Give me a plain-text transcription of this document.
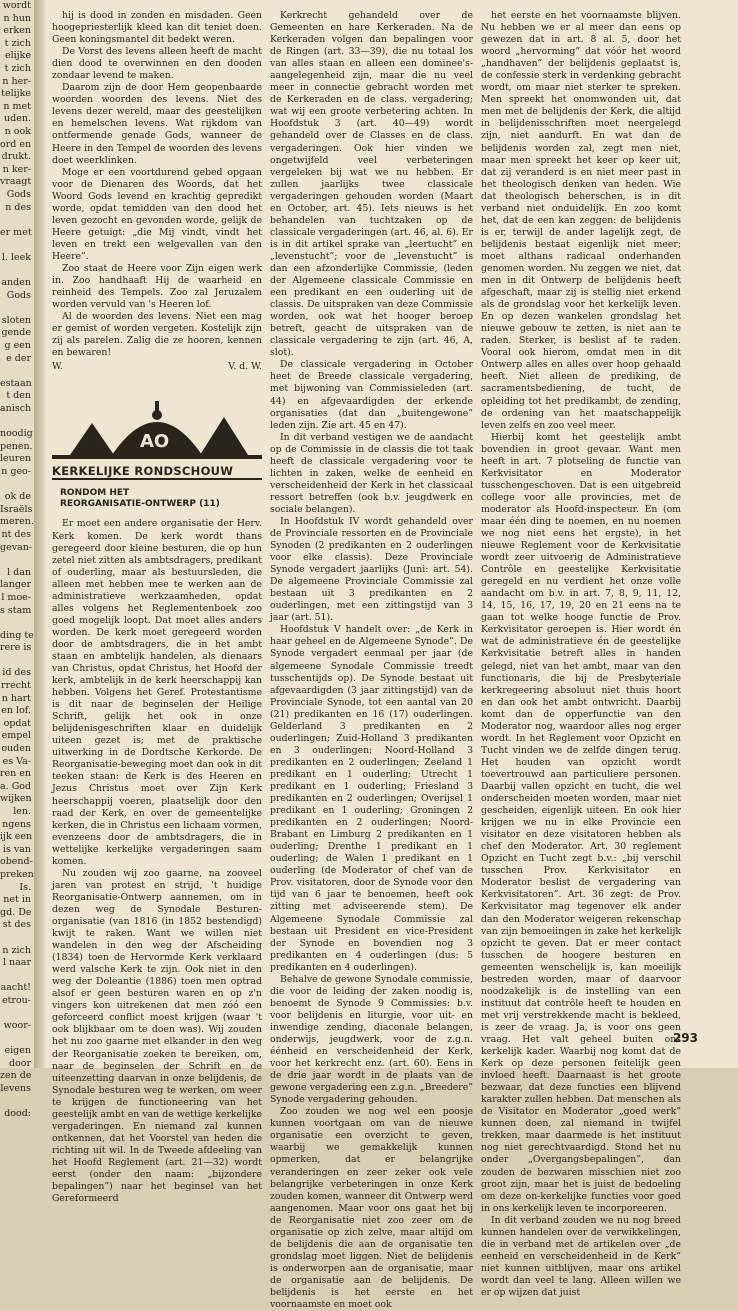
wordt
n hun
erken
t zich
elijke
t zich
n her-
telijke
n met
uden.
n ook
ord en
drukt.
n ker-
vraagt
Gods
n des

er met

l. leek

anden
Gods

sloten
gende
g een
e der

estaan
t den
anisch

noodig
penen.
leuren
n geo-

ok de
Israëls
meren.
nt des
gevan-

l dan
langer
l moe-
s stam

ding te
rere is

id des
rrecht
n hart
en lof.
opdat
empel
ouden
es Va-
ren en
a. God
wijken
len.
ngens
ijk een
is van
obend-
preken
Is.
net in
gd. De
st des

n zich
l naar

aacht!
etrou-

woor-

eigen
door
zen de
levens

dood:

hij is dood in zonden en misdaden. Geen hoogepriesterlijk kleed kan dit teniet doen. Geen koningsmantel dit bedekt weren.

De Vorst des levens alleen heeft de macht dien dood te overwinnen en den dooden zondaar levend te maken.

Daarom zijn de door Hem geopenbaarde woorden woorden des levens. Niet des levens dezer wereld, maar des geestelijken en hemelschen levens. Wat rijkdom van ontfermende genade Gods, wanneer de Heere in den Tempel de woorden des levens doet weerklinken.

Moge er een voortdurend gebed opgaan voor de Dienaren des Woords, dat het Woord Gods levend en krachtig gepredikt worde, opdat temidden van den dood het leven gezocht en gevonden worde, gelijk de Heere getuigt: „die Mij vindt, vindt het leven en trekt een welgevallen van den Heere”.

Zoo staat de Heere voor Zijn eigen werk in. Zoo handhaaft Hij de waarheid en reinheid des Tempels. Zoo zal Jeruzalem worden vervuld van 's Heeren lof.

Al de woorden des levens. Niet een mag er gemist of worden vergeten. Kostelijk zijn zij als parelen. Zalig die ze hooren, kennen en bewaren!

W.	V. d. W.
AO
KERKELIJKE RONDSCHOUW
RONDOM HET
REORGANISATIE-ONTWERP (11)

Er moet een andere organisatie der Herv. Kerk komen. De kerk wordt thans geregeerd door kleine besturen, die op hun zetel niet zitten als ambtsdragers, predikant of ouderling, maar als bestuursleden, die alleen met hebben mee te werken aan de administratieve werkzaamheden, opdat alles volgens het Reglementenboek zoo goed mogelijk loopt. Dat moet alles anders worden. De kerk moet geregeerd worden door de ambtsdragers, die in het ambt staan en ambtelijk handelen, als dienaars van Christus, opdat Christus, het Hoofd der kerk, ambtelijk in de kerk heerschappij kan hebben. Volgens het Geref. Protestantisme is dit naar de beginselen der Heilige Schrift, gelijk het ook in onze belijdenisgeschriften klaar en duidelijk uiteen gezet is; met de praktische uitwerking in de Dordtsche Kerkorde. De Reorganisatie-beweging moet dan ook in dit teeken staan: de Kerk is des Heeren en Jezus Christus moet over Zijn Kerk heerschappij voeren, plaatselijk door den raad der Kerk, en over de gemeentelijke kerken, die in Christus een lichaam vormen, evenzeens door de ambtsdragers, die in wettelijke kerkelijke vergaderingen saam komen.

Nu zouden wij zoo gaarne, na zooveel jaren van protest en strijd, 't huidige Reorganisatie-Ontwerp aannemen, om in dezen weg de Synodale Besturen-organisatie (van 1816 (in 1852 bestendigd) kwijt te raken. Want we willen niet wandelen in den weg der Afscheiding (1834) toen de Hervormde Kerk verklaard werd valsche Kerk te zijn. Ook niet in den weg der Doleantie (1886) toen men optrad alsof er geen besturen waren en op z'n vingers kon uitrekenen dat men zóó een geforceerd conflict moest krijgen (waar 't ook blijkbaar om te doen was). Wij zouden het nu zoo gaarne met elkander in den weg der Reorganisatie zoeken te bereiken, om, naar de beginselen der Schrift en de uiteenzetting daarvan in onze belijdenis, de Synodale besturen weg te werken, om weer te krijgen de functioneering van het geestelijk ambt en van de wettige kerkelijke vergaderingen. En niemand zal kunnen ontkennen, dat het Voorstel van heden die richting uit wil. In de Tweede afdeeling van het Hoofd Reglement (art. 21—32) wordt eerst (onder den naam: „bijzondere bepalingen”) naar het beginsel van het Gereformeerd

Kerkrecht gehandeld over de Gemeenten en hare Kerkeraden. Na de Kerkeraden volgen dan bepalingen voor de Ringen (art. 33—39), die nu totaal los van alles staan en alleen een dominee's-aangelegenheid zijn, maar die nu veel meer in connectie gebracht worden met de Kerkeraden en de class. vergadering; wat wij een groote verbetering achten. In Hoofdstuk 3 (art. 40—49) wordt gehandeld over de Classes en de class. vergaderingen. Ook hier vinden we ongetwijfeld veel verbeteringen vergeleken bij wat we nu hebben. Er zullen jaarlijks twee classicale vergaderingen gehouden worden (Maart en October, art. 45). Iets nieuws is het behandelen van tuchtzaken op de classicale vergaderingen (art. 46, al. 6). Er is in dit artikel sprake van „leertucht” en „levenstucht”; voor de „levenstucht” is dan een afzonderlijke Commissie, (leden der Algemeene classicale Commissie en een predikant en een ouderling uit de classis. De uitspraken van deze Commissie worden, ook wat het hooger beroep betreft, geacht de uitspraken van de classicale vergadering te zijn (art. 46, A, slot).

De classicale vergadering in October heet de Breede classicale vergadering, met bijwoning van Commissieleden (art. 44) en afgevaardigden der erkende organisaties (dat dan „buitengewone” leden zijn. Zie art. 45 en 47).

In dit verband vestigen we de aandacht op de Commissie in de classis die tot taak heeft de classicale vergadering voor te lichten in zaken, welke de eenheid en verscheidenheid der Kerk in het classicaal ressort betreffen (ook b.v. jeugdwerk en sociale belangen).

In Hoofdstuk IV wordt gehandeld over de Provinciale ressorten en de Provinciale Synoden (2 predikanten en 2 ouderlingen voor elke classis). Deze Provinciale Synode vergadert jaarlijks (Juni: art. 54). De algemeene Provinciale Commissie zal bestaan uit 3 predikanten en 2 ouderlingen, met een zittingstijd van 3 jaar (art. 51).

Hoofdstuk V handelt over: „de Kerk in haar geheel en de Algemeene Synode”. De Synode vergadert eenmaal per jaar (de algemeene Synodale Commissie treedt tusschentijds op). De Synode bestaat uit afgevaardigden (3 jaar zittingstijd) van de Provinciale Synode, tot een aantal van 20 (21) predikanten en 16 (17) ouderlingen. Gelderland 3 predikanten en 2 ouderlingen; Zuid-Holland 3 predikanten en 3 ouderlingen; Noord-Holland 3 predikanten en 2 ouderlingen; Zeeland 1 predikant en 1 ouderling; Utrecht 1 predikant en 1 ouderling; Friesland 3 predikanten en 2 ouderlingen; Overijsel 1 predikant en 1 ouderling; Groningen 2 predikanten en 2 ouderlingen; Noord-Brabant en Limburg 2 predikanten en 1 ouderling; Drenthe 1 predikant en 1 ouderling; de Walen 1 predikant en 1 ouderling (de Moderator of chef van de Prov. visitatoren, door de Synode voor den tijd van 6 jaar te benoemen, heeft ook zitting met adviseerende stem). De Algemeene Synodale Commissie zal bestaan uit President en vice-President der Synode en bovendien nog 3 predikanten en 4 ouderlingen (dus: 5 predikanten en 4 ouderlingen).

Behalve de gewone Synodale commissie, die voor de leiding der zaken noodig is, benoemt de Synode 9 Commissies: b.v. voor belijdenis en liturgie, voor uit- en inwendige zending, diaconale belangen, onderwijs, jeugdwerk, voor de z.g.n. éénheid en verscheidenheid der Kerk, voor het kerkrecht enz. (art. 60). Eens in de drie jaar wordt in de plaats van de gewone vergadering een z.g.n. „Breedere” Synode vergadering gehouden.

Zoo zouden we nog wel een poosje kunnen voortgaan om van de nieuwe organisatie een overzicht te geven, waarbij we gemakkelijk kunnen opmerken, dat er belangrijke veranderingen en zeer zeker ook vele belangrijke verbeteringen in onze Kerk zouden komen, wanneer dit Ontwerp werd aangenomen. Maar voor ons gaat het bij de Reorganisatie niet zoo zeer om de organisatie op zich zelve, maar altijd om de belijdenis die aan de organisatie ten grondslag moet liggen. Niet de belijdenis is onderworpen aan de organisatie, maar de organisatie aan de belijdenis. De belijdenis is het eerste en het voornaamste en moet ook

het eerste en het voornaamste blijven. Nu hebben we er al meer dan eens op gewezen dat in art. 8 al. 5, door het woord „hervorming” dat vóór het woord „handhaven” der belijdenis geplaatst is, de confessie sterk in verdenking gebracht wordt, om maar niet sterker te spreken. Men spreekt het onomwonden uit, dat men met de belijdenis der Kerk, die altijd in belijdenisschriften moet neergelegd zijn, niet aandurft. En wat dan de belijdenis worden zal, zegt men niet, maar men spreekt het keer op keer uit, dat zij veranderd is en niet meer past in het theologisch denken van heden. Wie dat theologisch beherschen, is in dit verband niet onduidelijk. En zoo komt het, dat de een kan zeggen: de belijdenis is er, terwijl de ander lagelijk zegt, de belijdenis bestaat eigenlijk niet meer; moet althans radicaal onderhanden genomen worden. Nu zeggen we niet, dat men in dit Ontwerp de belijdenis heeft afgeschaft, maar zij is stellig niet erkend als de grondslag voor het kerkelijk leven. En op dezen wankelen grondslag het nieuwe gebouw te zetten, is niet aan te raden. Sterker, is beslist af te raden. Vooral ook hierom, omdat men in dit Ontwerp alles en alles over hoop gehaald heeft. Niet alleen de prediking, de sacramentsbediening, de tucht, de opleiding tot het predikambt, de zending, de ordening van het maatschappelijk leven zelfs en zoo veel meer.

Hierbij komt het geestelijk ambt bovendien in groot gevaar. Want men heeft in art. 7 plotseling de functie van Kerkvisitator en Moderator tusschengeschoven. Dat is een uitgebreid college voor alle provincies, met de moderator als Hoofd-inspecteur. En (om maar één ding te noemen, en nu noemen we nog niet eens het ergste), in het nieuwe Reglement voor de Kerkvisitatie wordt zeer uitvoerig de Administratieve Contrôle en geestelijke Kerkvisitatie geregeld en nu verdient het onze volle aandacht om b.v. in art. 7, 8, 9, 11, 12, 14, 15, 16, 17, 19, 20 en 21 eens na te gaan tot welke hooge functie de Prov. Kerkvisitator geroepen is. Hier wordt én wat de administratieve én de geestelijke Kerkvisitatie betreft alles in handen gelegd, niet van het ambt, maar van den functionaris, die bij de Presbyteriale kerkregeering absoluut niet thuis hoort en dan ook het ambt ontwricht. Daarbij komt dan de opperfunctie van den Moderator nog, waardoor alles nog erger wordt. In het Reglement voor Opzicht en Tucht vinden we de zelfde dingen terug. Het houden van opzicht wordt toevertrouwd aan particuliere personen. Daarbij vallen opzicht en tucht, die wel onderscheiden moeten worden, maar niet gescheiden, eigenlijk uiteen. En ook hier krijgen we nu in elke Provincie een visitator en deze visitatoren hebben als chef den Moderator. Art. 30 reglement Opzicht en Tucht zegt b.v.: „bij verschil tusschen Prov. Kerkvisitator en Moderator beslist de vergadering van Kerkvisitatoren”. Art. 36 zegt: de Prov. Kerkvisitator mag tegenover elk ander dan den Moderator weigeren rekenschap van zijn bemoeiingen in zake het kerkelijk opzicht te geven. Dat er meer contact tusschen de hoogere besturen en gemeenten wenschelijk is, kan moeilijk bestreden worden, maar of daarvoor noodzakelijk is de instelling van een instituut dat contrôle heeft te houden en met vrij verstrekkende macht is bekleed, is zeer de vraag. Ja, is voor ons geen vraag. Het valt geheel buiten ons kerkelijk kader. Waarbij nog komt dat de Kerk op deze personen feitelijk geen invloed heeft. Daarnaast is het groote bezwaar, dat deze functies een blijvend karakter zullen hebben. Dat menschen als de Visitator en Moderator „goed werk” kunnen doen, zal niemand in twijfel trekken, maar daarmede is het instituut nog niet gerechtvaardigd. Stond het nu onder „Overgangsbepalingen”, dan zouden de bezwaren misschien niet zoo groot zijn, maar het is juist de bedoeling om deze on-kerkelijke functies voor goed in ons kerkelijk leven te incorporeeren.

In dit verband zouden we nu nog breed kunnen handelen over de verwikkelingen, die in verband met de artikelen over „de eenheid en verscheidenheid in de Kerk” niet kunnen uitblijven, maar ons artikel wordt dan veel te lang. Alleen willen we er op wijzen dat juist

293
